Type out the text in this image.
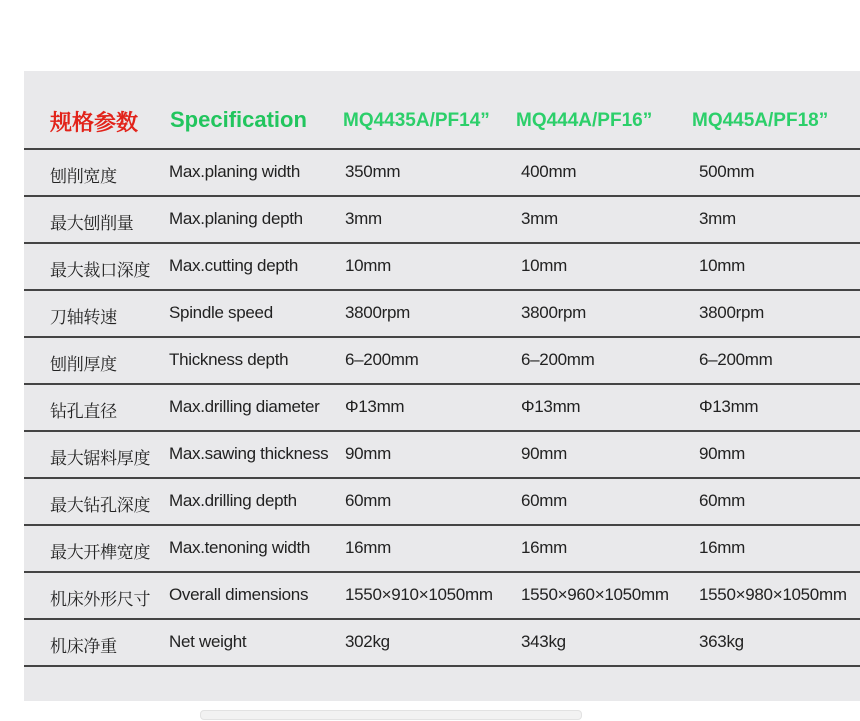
规格参数 Specification MQ4435A/PF14” MQ444A/PF16” MQ445A/PF18”
刨削宽度	Max.planing width	350mm	400mm	500mm
最大刨削量 Max.planing depth 3mm	3mm	3mm
最大裁口深度 Max.cutting depth	10mm	10mm	10mm
刀轴转速	Spindle speed	3800rpm	3800rpm	3800rpm
刨削厚度	Thickness depth	6–200mm	6–200mm	6–200mm
钻孔直径	Max.drilling diameter Φ13mm	Φ13mm	Φ13mm
最大锯料厚度 Max.sawing thickness 90mm	90mm	90mm
最大钻孔深度 Max.drilling depth	60mm	60mm	60mm
最大开榫宽度 Max.tenoning width 16mm	16mm	16mm
机床外形尺寸 Overall dimensions 1550×910×1050mm 1550×960×1050mm 1550×980×1050mm
机床净重	Net weight	302kg	343kg	363kg
